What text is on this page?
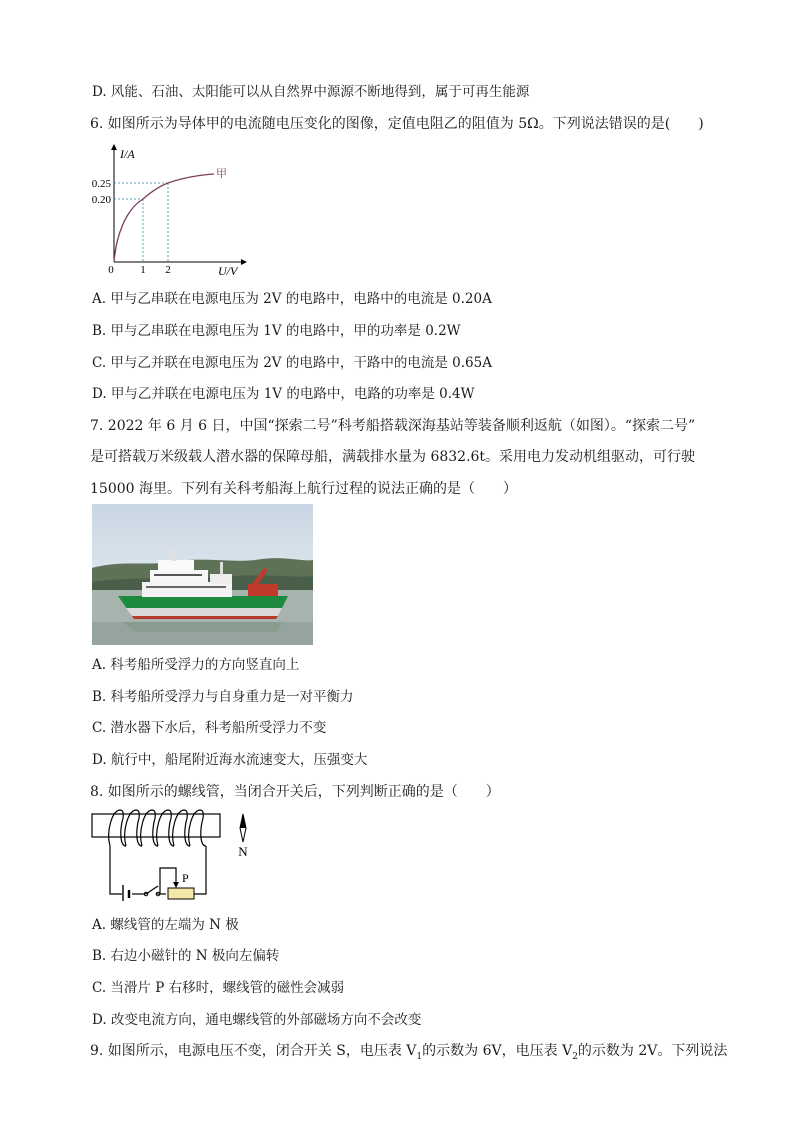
D. 风能、石油、太阳能可以从自然界中源源不断地得到，属于可再生能源
6. 如图所示为导体甲的电流随电压变化的图像，定值电阻乙的阻值为 5Ω。下列说法错误的是(　　)
I/A
U/V
甲
0 1 2
0.20
0.25
A. 甲与乙串联在电源电压为 2V 的电路中，电路中的电流是 0.20A
B. 甲与乙串联在电源电压为 1V 的电路中，甲的功率是 0.2W
C. 甲与乙并联在电源电压为 2V 的电路中，干路中的电流是 0.65A
D. 甲与乙并联在电源电压为 1V 的电路中，电路的功率是 0.4W
7. 2022 年 6 月 6 日，中国“探索二号”科考船搭载深海基站等装备顺利返航（如图）。“探索二号”
是可搭载万米级载人潜水器的保障母船，满载排水量为 6832.6t。采用电力发动机组驱动，可行驶
15000 海里。下列有关科考船海上航行过程的说法正确的是（　　）
A. 科考船所受浮力的方向竖直向上
B. 科考船所受浮力与自身重力是一对平衡力
C. 潜水器下水后，科考船所受浮力不变
D. 航行中，船尾附近海水流速变大，压强变大
8. 如图所示的螺线管，当闭合开关后，下列判断正确的是（　　）
P
N
A. 螺线管的左端为 N 极
B. 右边小磁针的 N 极向左偏转
C. 当滑片 P 右移时，螺线管的磁性会减弱
D. 改变电流方向，通电螺线管的外部磁场方向不会改变
9. 如图所示，电源电压不变，闭合开关 S，电压表 $V_1$的示数为 6V，电压表 $V_2$的示数为 2V。下列说法
